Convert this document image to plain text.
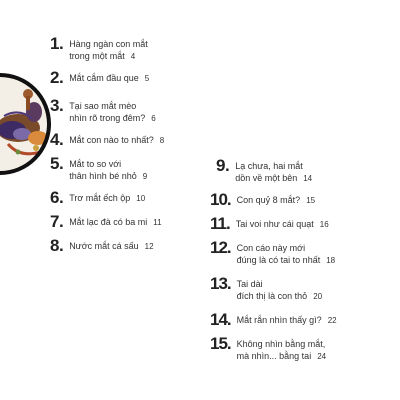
1. Hàng ngàn con mắt
trong một mắt 4
2. Mắt cắm đầu que 5
3. Tại sao mắt mèo
nhìn rõ trong đêm? 6
4. Mắt con nào to nhất? 8
5. Mắt to so với
thân hình bé nhỏ 9
6. Trơ mắt ếch ộp 10
7. Mắt lạc đà có ba mi 11
8. Nước mắt cá sấu 12
9. Lạ chưa, hai mắt
dồn về một bên 14
10. Con quỷ 8 mắt? 15
11. Tai voi như cái quạt 16
12. Con cáo này mới
đúng là có tai to nhất 18
13. Tai dài
đích thị là con thỏ 20
14. Mắt rắn nhìn thấy gì? 22
15. Không nhìn bằng mắt,
mà nhìn... bằng tai 24
